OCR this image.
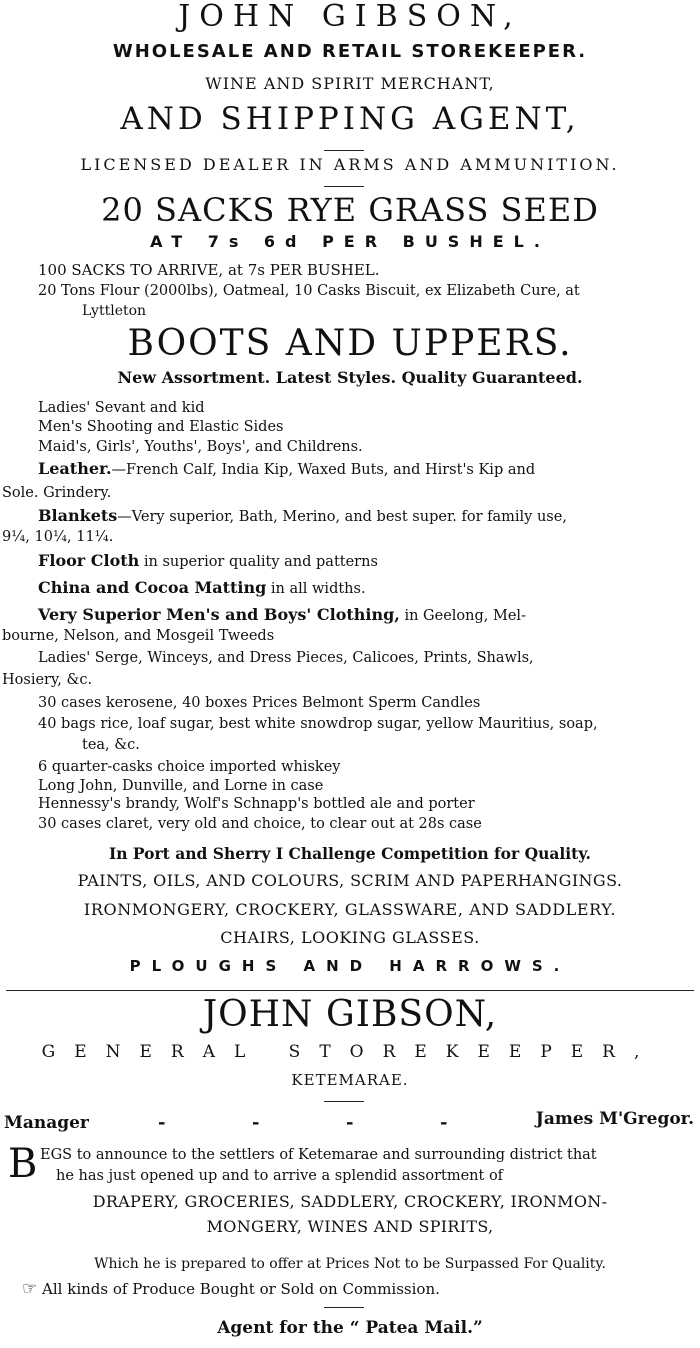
JOHN GIBSON,
WHOLESALE AND RETAIL STOREKEEPER.
WINE AND SPIRIT MERCHANT,
AND SHIPPING AGENT,
LICENSED DEALER IN ARMS AND AMMUNITION.
20 SACKS RYE GRASS SEED
AT 7s 6d PER BUSHEL.
100 SACKS TO ARRIVE, at 7s PER BUSHEL.
20 Tons Flour (2000lbs), Oatmeal, 10 Casks Biscuit, ex Elizabeth Cure, at
Lyttleton
BOOTS AND UPPERS.
New Assortment. Latest Styles. Quality Guaranteed.
Ladies' Sevant and kid
Men's Shooting and Elastic Sides
Maid's, Girls', Youths', Boys', and Childrens.
Leather.—French Calf, India Kip, Waxed Buts, and Hirst's Kip and
Sole. Grindery.
Blankets—Very superior, Bath, Merino, and best super. for family use,
9¼, 10¼, 11¼.
Floor Cloth in superior quality and patterns
China and Cocoa Matting in all widths.
Very Superior Men's and Boys' Clothing, in Geelong, Mel-
bourne, Nelson, and Mosgeil Tweeds
Ladies' Serge, Winceys, and Dress Pieces, Calicoes, Prints, Shawls,
Hosiery, &c.
30 cases kerosene, 40 boxes Prices Belmont Sperm Candles
40 bags rice, loaf sugar, best white snowdrop sugar, yellow Mauritius, soap,
tea, &c.
6 quarter-casks choice imported whiskey
Long John, Dunville, and Lorne in case
Hennessy's brandy, Wolf's Schnapp's bottled ale and porter
30 cases claret, very old and choice, to clear out at 28s case
In Port and Sherry I Challenge Competition for Quality.
PAINTS, OILS, AND COLOURS, SCRIM AND PAPERHANGINGS.
IRONMONGERY, CROCKERY, GLASSWARE, AND SADDLERY.
CHAIRS, LOOKING GLASSES.
PLOUGHS AND HARROWS.
JOHN GIBSON,
GENERAL STOREKEEPER,
KETEMARAE.
Manager	-	-	-	-	James M'Gregor.
B EGS to announce to the settlers of Ketemarae and surrounding district that
he has just opened up and to arrive a splendid assortment of
DRAPERY, GROCERIES, SADDLERY, CROCKERY, IRONMON-
MONGERY, WINES AND SPIRITS,
Which he is prepared to offer at Prices Not to be Surpassed For Quality.
☞ All kinds of Produce Bought or Sold on Commission.
Agent for the “ Patea Mail.”
